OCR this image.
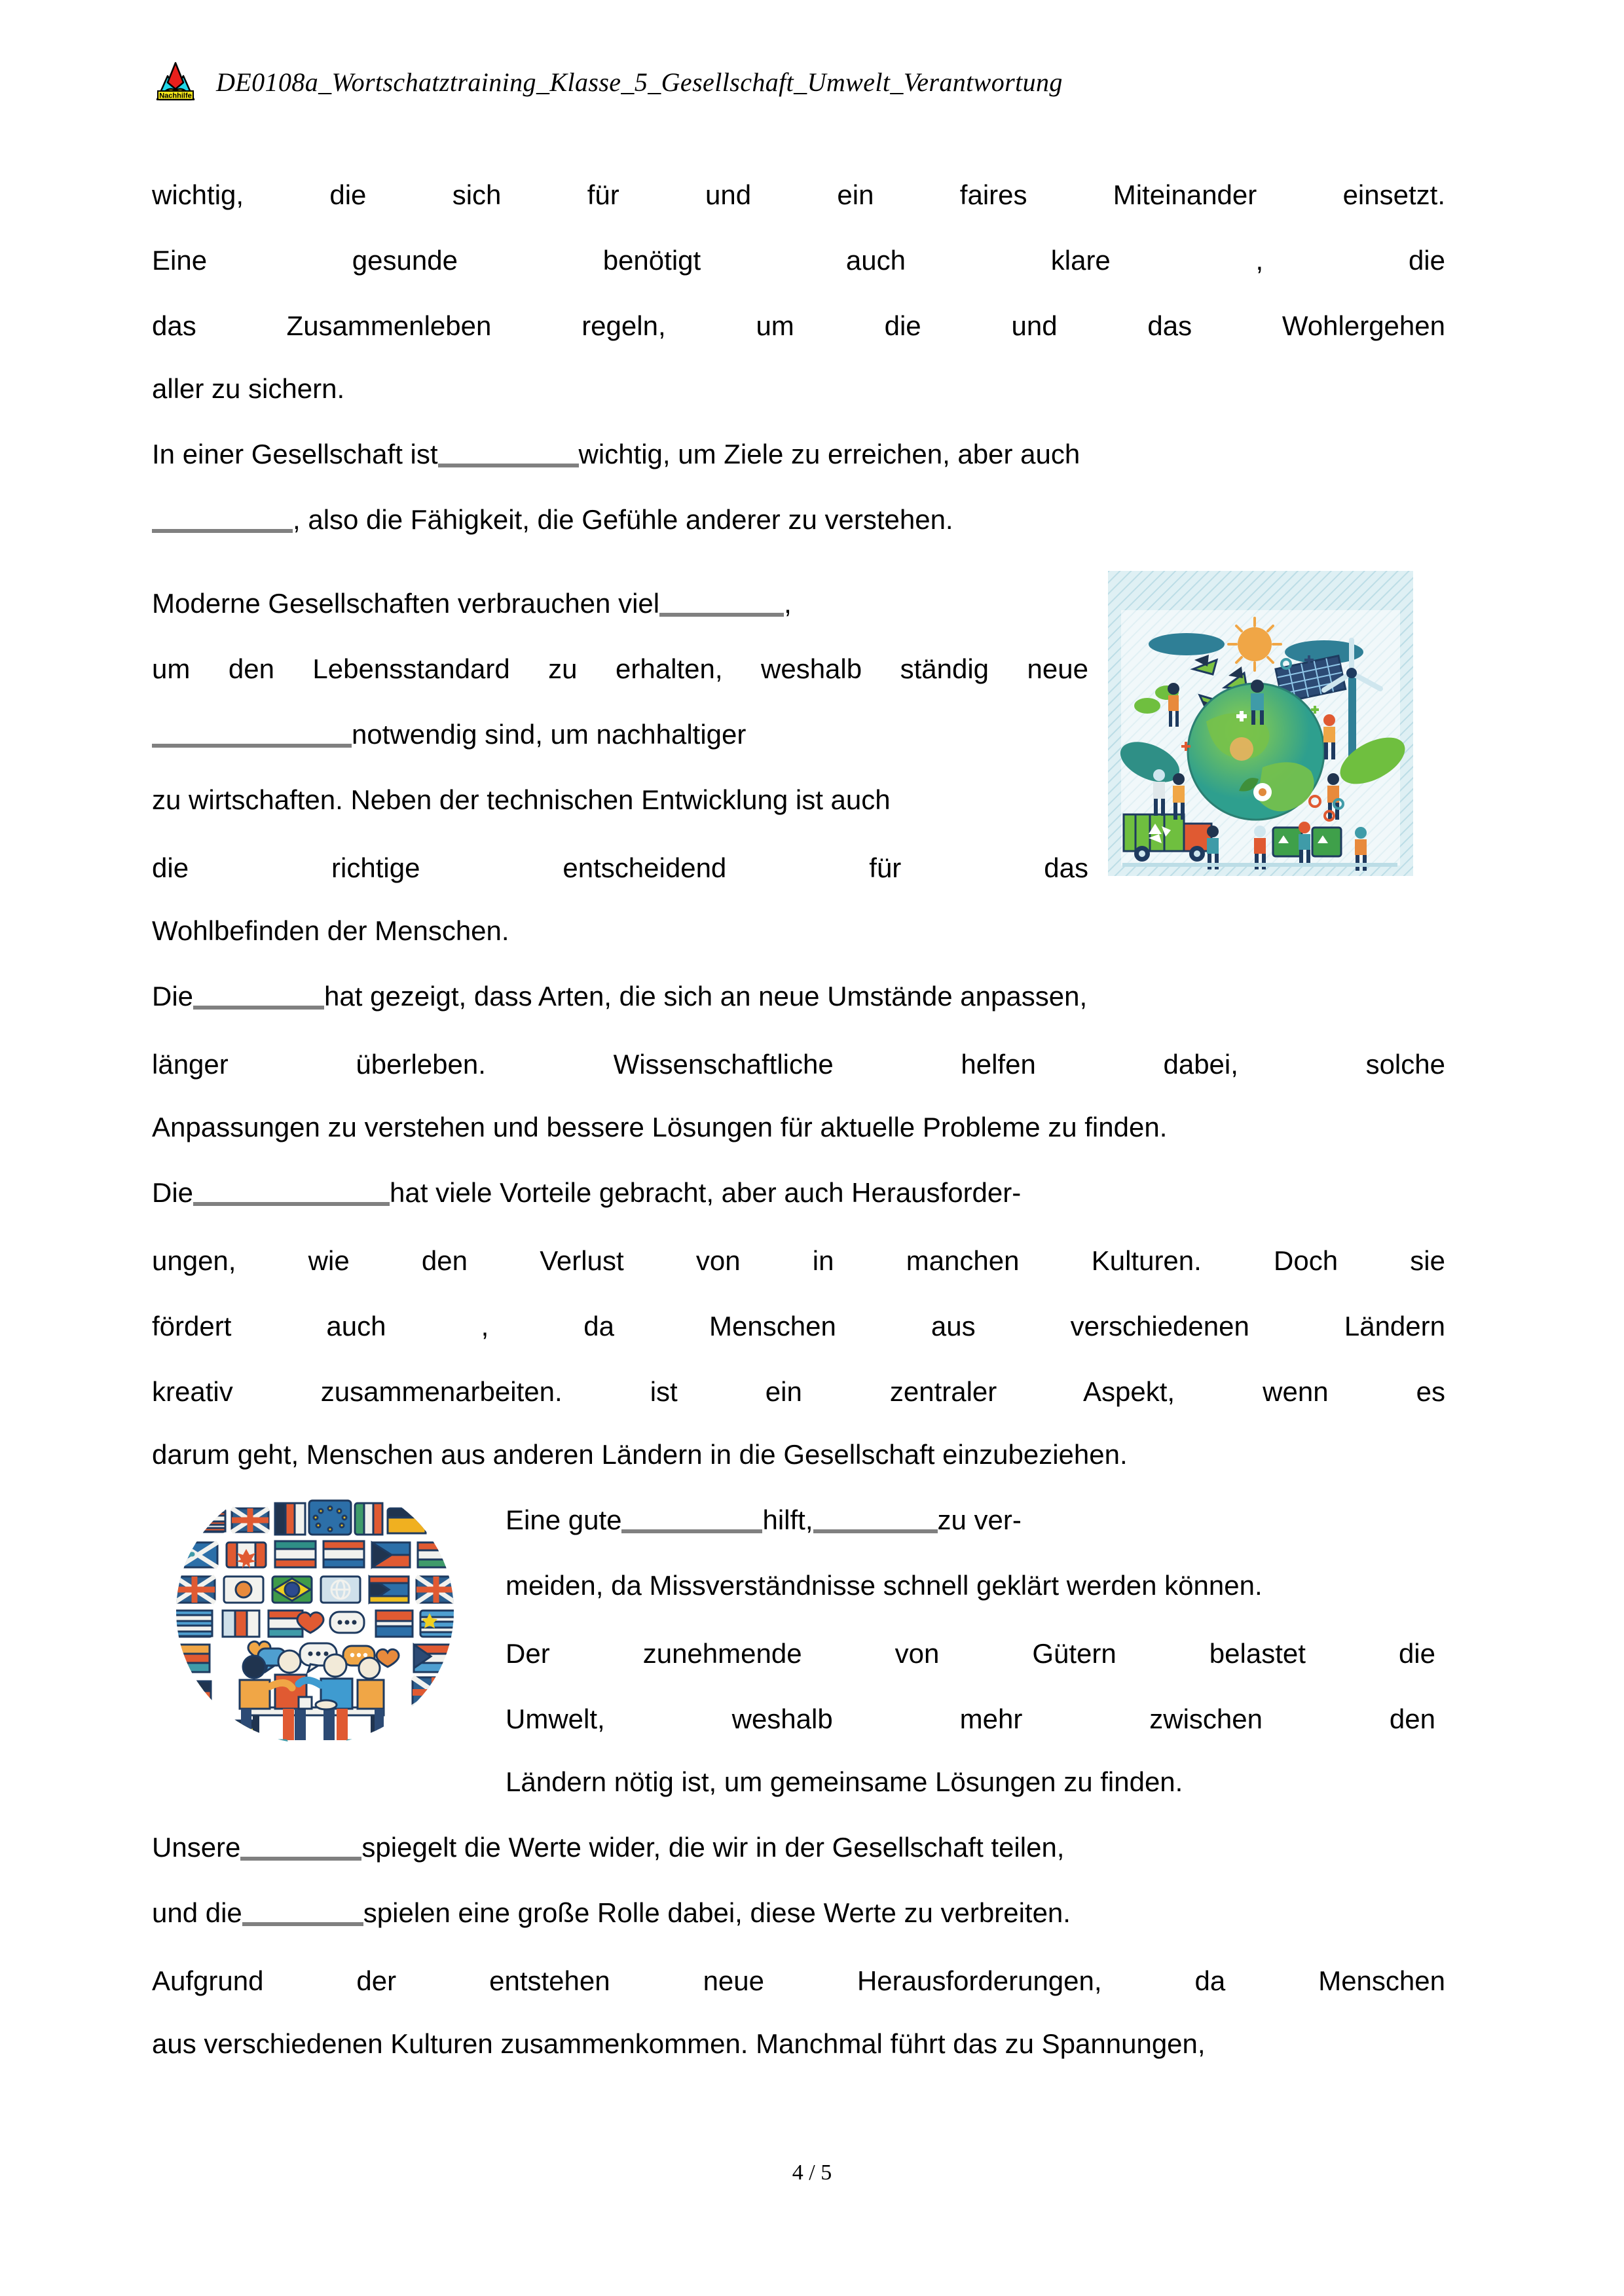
Nachhilfe DE0108a_Wortschatztraining_Klasse_5_Gesellschaft_Umwelt_Verantwortung
wichtig, die sich für und ein faires Miteinander einsetzt.
Eine gesunde benötigt auch klare , die
das Zusammenleben regeln, um die und das Wohlergehen
aller zu sichern.
In einer Gesellschaft ist	wichtig, um Ziele zu erreichen, aber auch
, also die Fähigkeit, die Gefühle anderer zu verstehen.
Moderne Gesellschaften verbrauchen viel	,
um den Lebensstandard zu erhalten, weshalb ständig neue
notwendig sind, um nachhaltiger
zu wirtschaften. Neben der technischen Entwicklung ist auch
die richtige entscheidend für das
Wohlbefinden der Menschen.
Die	hat gezeigt, dass Arten, die sich an neue Umstände anpassen,
länger überleben. Wissenschaftliche helfen dabei, solche
Anpassungen zu verstehen und bessere Lösungen für aktuelle Probleme zu finden.
Die	hat viele Vorteile gebracht, aber auch Herausforder-
ungen, wie den Verlust von in manchen Kulturen. Doch sie
fördert auch , da Menschen aus verschiedenen Ländern
kreativ zusammenarbeiten. ist ein zentraler Aspekt, wenn es
darum geht, Menschen aus anderen Ländern in die Gesellschaft einzubeziehen.
Eine gute	hilft,	zu ver-
meiden, da Missverständnisse schnell geklärt werden können.
Der zunehmende von Gütern belastet die
Umwelt, weshalb mehr zwischen den
Ländern nötig ist, um gemeinsame Lösungen zu finden.
Unsere	spiegelt die Werte wider, die wir in der Gesellschaft teilen,
und die	spielen eine große Rolle dabei, diese Werte zu verbreiten.
Aufgrund der entstehen neue Herausforderungen, da Menschen
aus verschiedenen Kulturen zusammenkommen. Manchmal führt das zu Spannungen,
4 / 5
